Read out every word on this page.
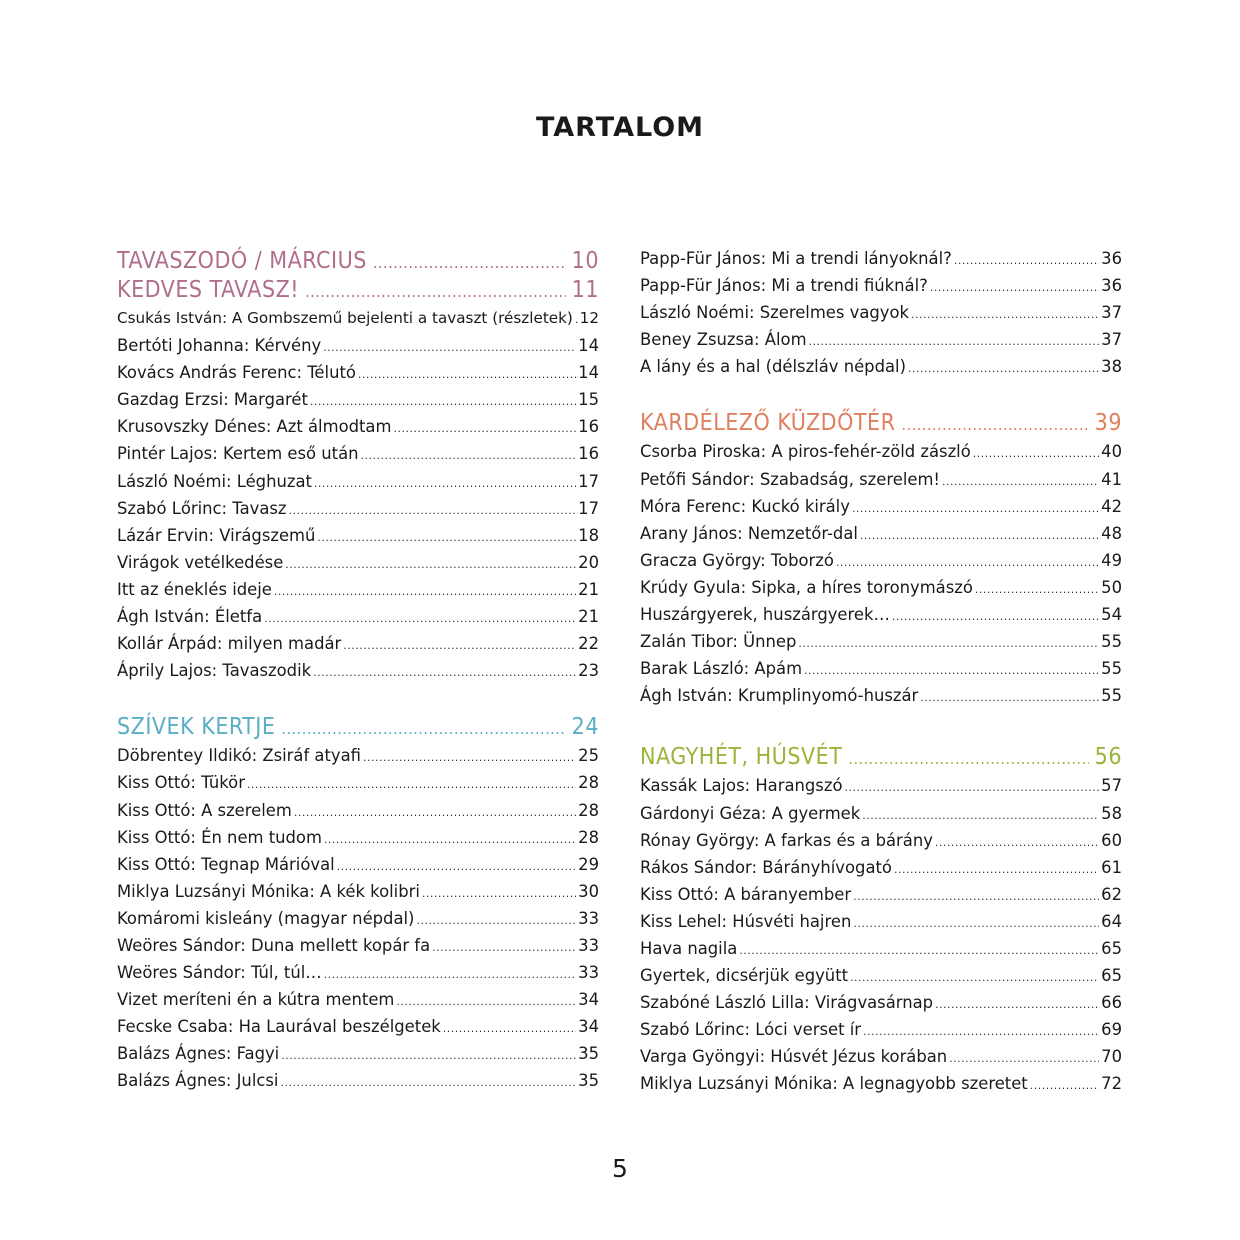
TARTALOM
TAVASZODÓ / MÁRCIUS .....	10
KEDVES TAVASZ! .....	11
Csukás István: A Gombszemű bejelenti a tavaszt (részletek) ..... 12
Bertóti Johanna: Kérvény .....	14
Kovács András Ferenc: Télutó .....	14
Gazdag Erzsi: Margarét .....	15
Krusovszky Dénes: Azt álmodtam .....	16
Pintér Lajos: Kertem eső után .....	16
László Noémi: Léghuzat .....	17
Szabó Lőrinc: Tavasz .....	17
Lázár Ervin: Virágszemű .....	18
Virágok vetélkedése .....	20
Itt az éneklés ideje .....	21
Ágh István: Életfa .....	21
Kollár Árpád: milyen madár .....	22
Áprily Lajos: Tavaszodik .....	23
SZÍVEK KERTJE .....	24
Döbrentey Ildikó: Zsiráf atyafi .....	25
Kiss Ottó: Tükör .....	28
Kiss Ottó: A szerelem .....	28
Kiss Ottó: Én nem tudom .....	28
Kiss Ottó: Tegnap Márióval .....	29
Miklya Luzsányi Mónika: A kék kolibri .....	30
Komáromi kisleány (magyar népdal) .....	33
Weöres Sándor: Duna mellett kopár fa .....	33
Weöres Sándor: Túl, túl… .....	33
Vizet meríteni én a kútra mentem .....	34
Fecske Csaba: Ha Laurával beszélgetek .....	34
Balázs Ágnes: Fagyi .....	35
Balázs Ágnes: Julcsi .....	35
Papp-Für János: Mi a trendi lányoknál? .....	36
Papp-Für János: Mi a trendi fiúknál? .....	36
László Noémi: Szerelmes vagyok .....	37
Beney Zsuzsa: Álom .....	37
A lány és a hal (délszláv népdal) .....	38
KARDÉLEZŐ KÜZDŐTÉR .....	39
Csorba Piroska: A piros-fehér-zöld zászló .....	40
Petőfi Sándor: Szabadság, szerelem! .....	41
Móra Ferenc: Kuckó király .....	42
Arany János: Nemzetőr-dal .....	48
Gracza György: Toborzó .....	49
Krúdy Gyula: Sipka, a híres toronymászó .....	50
Huszárgyerek, huszárgyerek… .....	54
Zalán Tibor: Ünnep .....	55
Barak László: Apám .....	55
Ágh István: Krumplinyomó-huszár .....	55
NAGYHÉT, HÚSVÉT .....	56
Kassák Lajos: Harangszó .....	57
Gárdonyi Géza: A gyermek .....	58
Rónay György: A farkas és a bárány .....	60
Rákos Sándor: Bárányhívogató .....	61
Kiss Ottó: A báranyember .....	62
Kiss Lehel: Húsvéti hajren .....	64
Hava nagila .....	65
Gyertek, dicsérjük együtt .....	65
Szabóné László Lilla: Virágvasárnap .....	66
Szabó Lőrinc: Lóci verset ír .....	69
Varga Gyöngyi: Húsvét Jézus korában .....	70
Miklya Luzsányi Mónika: A legnagyobb szeretet .....	72
5
